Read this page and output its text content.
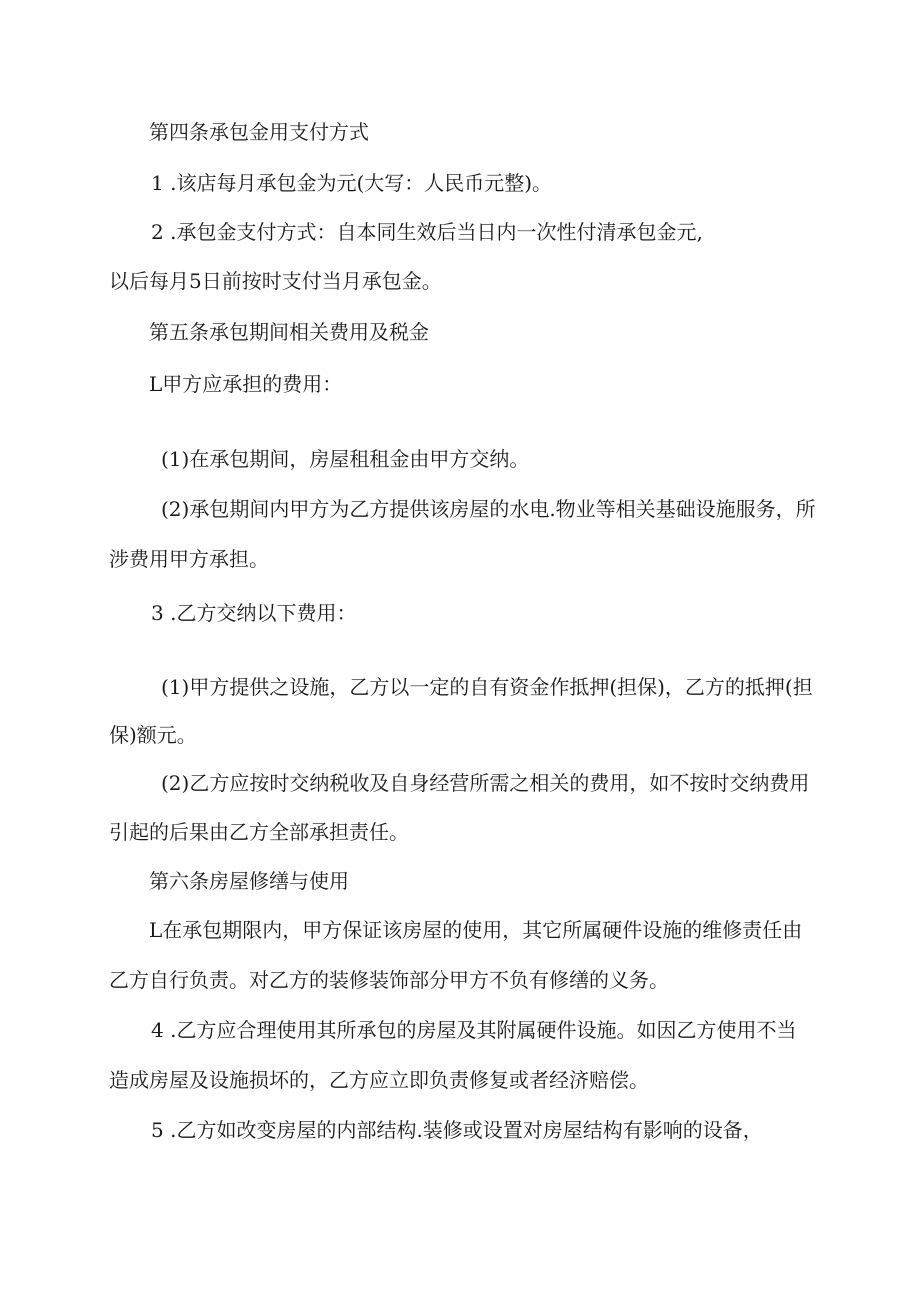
第四条承包金用支付方式

1 .该店每月承包金为元(大写：人民币元整)。

2 .承包金支付方式：自本同生效后当日内一次性付清承包金元,

以后每月5日前按时支付当月承包金。

第五条承包期间相关费用及税金

L甲方应承担的费用：

(1)在承包期间，房屋租租金由甲方交纳。

(2)承包期间内甲方为乙方提供该房屋的水电.物业等相关基础设施服务，所

涉费用甲方承担。

3 .乙方交纳以下费用：

(1)甲方提供之设施，乙方以一定的自有资金作抵押(担保)，乙方的抵押(担

保)额元。

(2)乙方应按时交纳税收及自身经营所需之相关的费用，如不按时交纳费用

引起的后果由乙方全部承担责任。

第六条房屋修缮与使用

L在承包期限内，甲方保证该房屋的使用，其它所属硬件设施的维修责任由

乙方自行负责。对乙方的装修装饰部分甲方不负有修缮的义务。

4 .乙方应合理使用其所承包的房屋及其附属硬件设施。如因乙方使用不当

造成房屋及设施损坏的，乙方应立即负责修复或者经济赔偿。

5 .乙方如改变房屋的内部结构.装修或设置对房屋结构有影响的设备，
